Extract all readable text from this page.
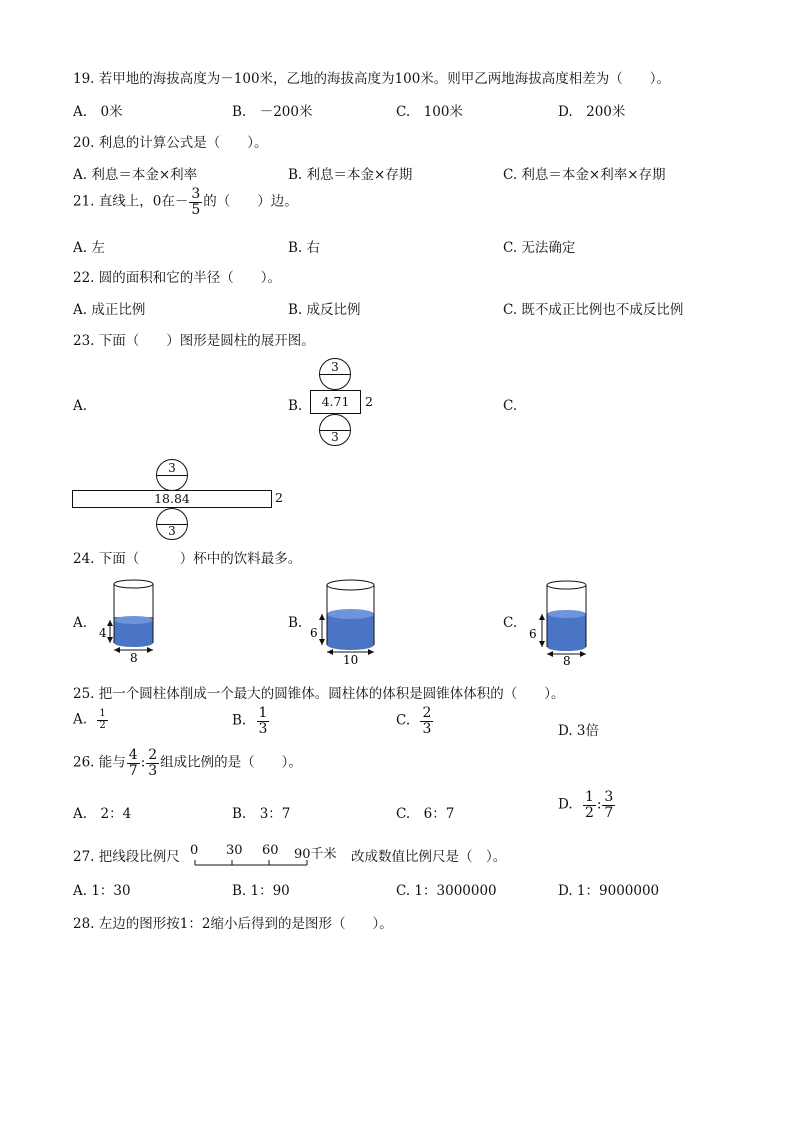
19. 若甲地的海拔高度为－100米，乙地的海拔高度为100米。则甲乙两地海拔高度相差为（　　）。
A.　0米	B.　－200米	C.　100米	D.　200米
20. 利息的计算公式是（　　）。
A. 利息＝本金×利率	B. 利息＝本金×存期	C. 利息＝本金×利率×存期
21. 直线上，0在－ $\frac{3}{5}$ 的（　　）边。
A. 左	B. 右	C. 无法确定
22. 圆的面积和它的半径（　　）。
A. 成正比例	B. 成反比例	C. 既不成正比例也不成反比例
23. 下面（　　）图形是圆柱的展开图。
A.	B.	C.
3
4.71	2
3
3
18.84	2
3
24. 下面（　　　）杯中的饮料最多。
A.	B.	C.
4
8
6
10
6
8
25. 把一个圆柱体削成一个最大的圆锥体。圆柱体的体积是圆锥体体积的（　　）。
A. $\frac{1}{2}$	B. $\frac{1}{3}$	C. $\frac{2}{3}$	D. 3倍
26. 能与 $\frac{4}{7}$ : $\frac{2}{3}$ 组成比例的是（　　）。
A.　2：4	B.　3：7	C.　6：7
D. $\frac{1}{2}$ : $\frac{3}{7}$
27. 把线段比例尺 0 30 60 90千米 改成数值比例尺是（　）。
A. 1：30	B. 1：90	C. 1：3000000	D. 1：9000000
28. 左边的图形按1：2缩小后得到的是图形（　　）。
